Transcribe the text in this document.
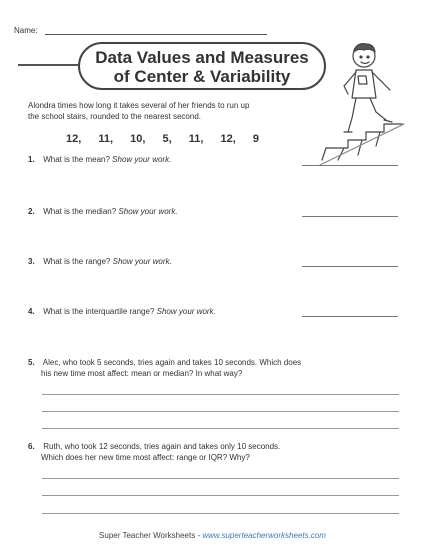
Name:
Data Values and Measures
of Center & Variability
Alondra times how long it takes several of her friends to run up
the school stairs, rounded to the nearest second.
12, 11, 10, 5, 11, 12, 9
1. What is the mean? Show your work.
2. What is the median? Show your work.
3. What is the range? Show your work.
4. What is the interquartile range? Show your work.
5. Alec, who took 5 seconds, tries again and takes 10 seconds. Which does
his new time most affect: mean or median? In what way?
6. Ruth, who took 12 seconds, tries again and takes only 10 seconds.
Which does her new time most affect: range or IQR? Why?
Super Teacher Worksheets - www.superteacherworksheets.com
